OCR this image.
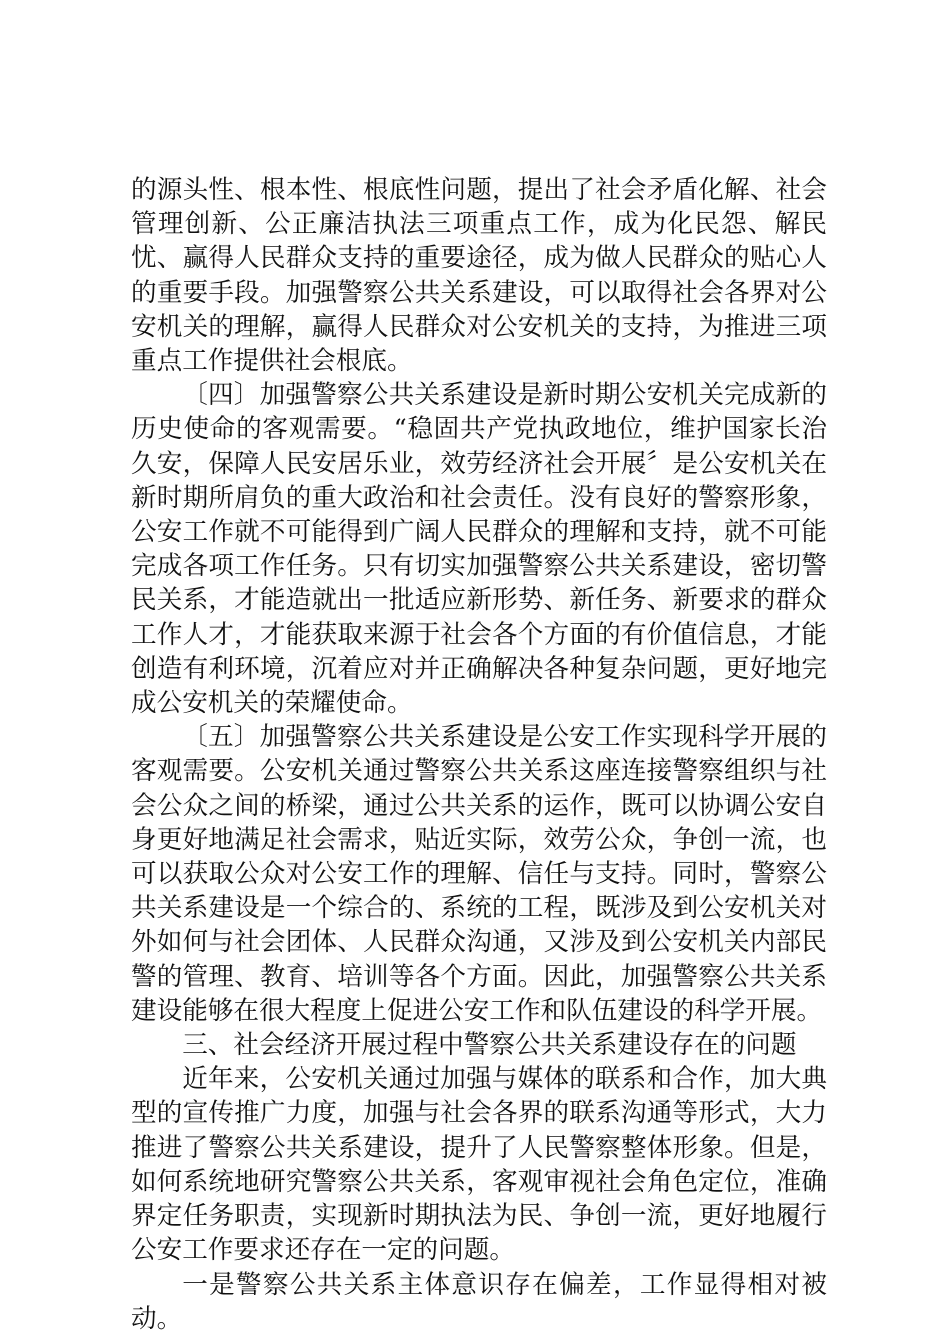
的源头性、根本性、根底性问题，提出了社会矛盾化解、社会管理创新、公正廉洁执法三项重点工作，成为化民怨、解民忧、赢得人民群众支持的重要途径，成为做人民群众的贴心人的重要手段。加强警察公共关系建设，可以取得社会各界对公安机关的理解，赢得人民群众对公安机关的支持，为推进三项重点工作提供社会根底。

〔四〕加强警察公共关系建设是新时期公安机关完成新的历史使命的客观需要。“稳固共产党执政地位，维护国家长治久安，保障人民安居乐业，效劳经济社会开展〞是公安机关在新时期所肩负的重大政治和社会责任。没有良好的警察形象，公安工作就不可能得到广阔人民群众的理解和支持，就不可能完成各项工作任务。只有切实加强警察公共关系建设，密切警民关系，才能造就出一批适应新形势、新任务、新要求的群众工作人才，才能获取来源于社会各个方面的有价值信息，才能创造有利环境，沉着应对并正确解决各种复杂问题，更好地完成公安机关的荣耀使命。

〔五〕加强警察公共关系建设是公安工作实现科学开展的客观需要。公安机关通过警察公共关系这座连接警察组织与社会公众之间的桥梁，通过公共关系的运作，既可以协调公安自身更好地满足社会需求，贴近实际，效劳公众，争创一流，也可以获取公众对公安工作的理解、信任与支持。同时，警察公共关系建设是一个综合的、系统的工程，既涉及到公安机关对外如何与社会团体、人民群众沟通，又涉及到公安机关内部民警的管理、教育、培训等各个方面。因此，加强警察公共关系建设能够在很大程度上促进公安工作和队伍建设的科学开展。

三、社会经济开展过程中警察公共关系建设存在的问题

近年来，公安机关通过加强与媒体的联系和合作，加大典型的宣传推广力度，加强与社会各界的联系沟通等形式，大力推进了警察公共关系建设，提升了人民警察整体形象。但是，如何系统地研究警察公共关系，客观审视社会角色定位，准确界定任务职责，实现新时期执法为民、争创一流，更好地履行公安工作要求还存在一定的问题。

一是警察公共关系主体意识存在偏差，工作显得相对被动。
